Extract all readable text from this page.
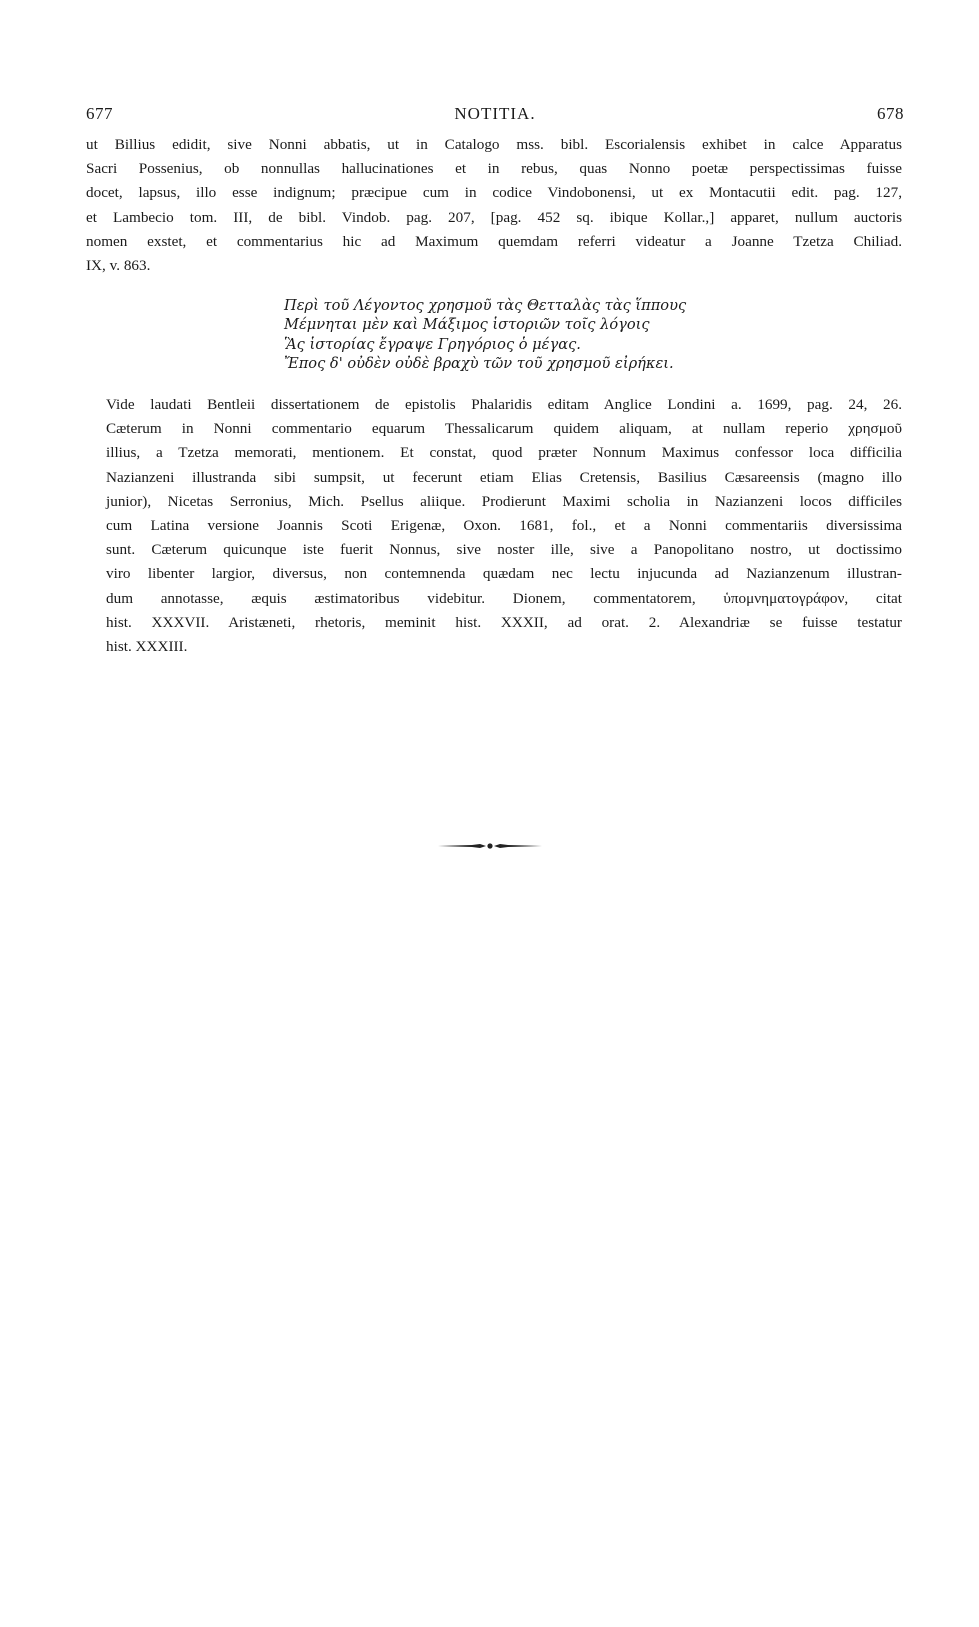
677	NOTITIA.	678
ut Billius edidit, sive Nonni abbatis, ut in Catalogo mss. bibl. Escorialensis exhibet in calce Apparatus
Sacri Possenius, ob nonnullas hallucinationes et in rebus, quas Nonno poetæ perspectissimas fuisse
docet, lapsus, illo esse indignum; præcipue cum in codice Vindobonensi, ut ex Montacutii edit. pag. 127,
et Lambecio tom. III, de bibl. Vindob. pag. 207, [pag. 452 sq. ibique Kollar.,] apparet, nullum auctoris
nomen exstet, et commentarius hic ad Maximum quemdam referri videatur a Joanne Tzetza Chiliad.
IX, v. 863.
Περὶ τοῦ Λέγοντος χρησμοῦ τὰς Θετταλὰς τὰς ἵππους
Μέμνηται μὲν καὶ Μάξιμος ἱστοριῶν τοῖς λόγοις
Ἃς ἱστορίας ἔγραψε Γρηγόριος ὁ μέγας.
Ἔπος δ' οὐδὲν οὐδὲ βραχὺ τῶν τοῦ χρησμοῦ εἰρήκει.
Vide laudati Bentleii dissertationem de epistolis Phalaridis editam Anglice Londini a. 1699, pag. 24, 26.
Cæterum in Nonni commentario equarum Thessalicarum quidem aliquam, at nullam reperio χρησμοῦ
illius, a Tzetza memorati, mentionem. Et constat, quod præter Nonnum Maximus confessor loca difficilia
Nazianzeni illustranda sibi sumpsit, ut fecerunt etiam Elias Cretensis, Basilius Cæsareensis (magno illo
junior), Nicetas Serronius, Mich. Psellus aliique. Prodierunt Maximi scholia in Nazianzeni locos difficiles
cum Latina versione Joannis Scoti Erigenæ, Oxon. 1681, fol., et a Nonni commentariis diversissima
sunt. Cæterum quicunque iste fuerit Nonnus, sive noster ille, sive a Panopolitano nostro, ut doctissimo
viro libenter largior, diversus, non contemnenda quædam nec lectu injucunda ad Nazianzenum illustran-
dum annotasse, æquis æstimatoribus videbitur. Dionem, commentatorem, ὑπομνηματογράφον, citat
hist. XXXVII. Aristæneti, rhetoris, meminit hist. XXXII, ad orat. 2. Alexandriæ se fuisse testatur
hist. XXXIII.
